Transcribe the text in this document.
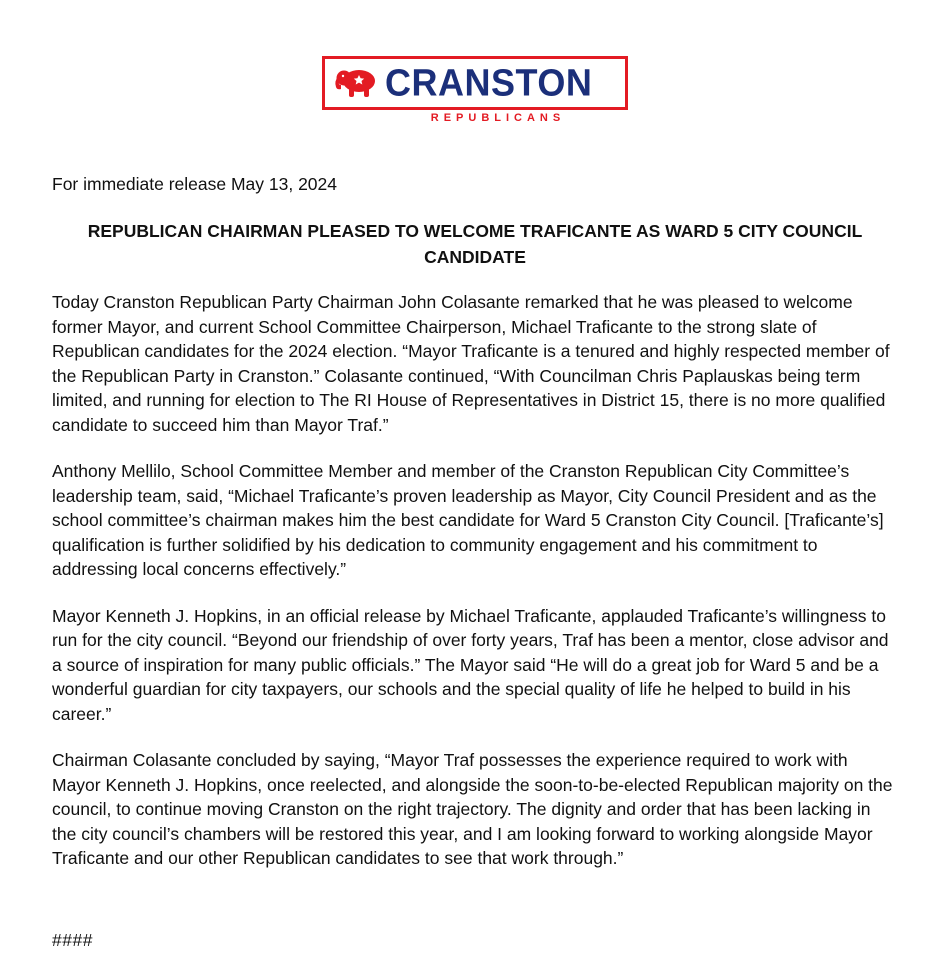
CRANSTON
REPUBLICANS

For immediate release May 13, 2024

REPUBLICAN CHAIRMAN PLEASED TO WELCOME TRAFICANTE AS WARD 5 CITY COUNCIL CANDIDATE

Today Cranston Republican Party Chairman John Colasante remarked that he was pleased to welcome former Mayor, and current School Committee Chairperson, Michael Traficante to the strong slate of Republican candidates for the 2024 election. “Mayor Traficante is a tenured and highly respected member of the Republican Party in Cranston.” Colasante continued, “With Councilman Chris Paplauskas being term limited, and running for election to The RI House of Representatives in District 15, there is no more qualified candidate to succeed him than Mayor Traf.”

Anthony Mellilo, School Committee Member and member of the Cranston Republican City Committee’s leadership team, said, “Michael Traficante’s proven leadership as Mayor, City Council President and as the school committee’s chairman makes him the best candidate for Ward 5 Cranston City Council. [Traficante’s] qualification is further solidified by his dedication to community engagement and his commitment to addressing local concerns effectively.”

Mayor Kenneth J. Hopkins, in an official release by Michael Traficante, applauded Traficante’s willingness to run for the city council. “Beyond our friendship of over forty years, Traf has been a mentor, close advisor and a source of inspiration for many public officials.” The Mayor said “He will do a great job for Ward 5 and be a wonderful guardian for city taxpayers, our schools and the special quality of life he helped to build in his career.”

Chairman Colasante concluded by saying, “Mayor Traf possesses the experience required to work with Mayor Kenneth J. Hopkins, once reelected, and alongside the soon-to-be-elected Republican majority on the council, to continue moving Cranston on the right trajectory. The dignity and order that has been lacking in the city council’s chambers will be restored this year, and I am looking forward to working alongside Mayor Traficante and our other Republican candidates to see that work through.”

####
